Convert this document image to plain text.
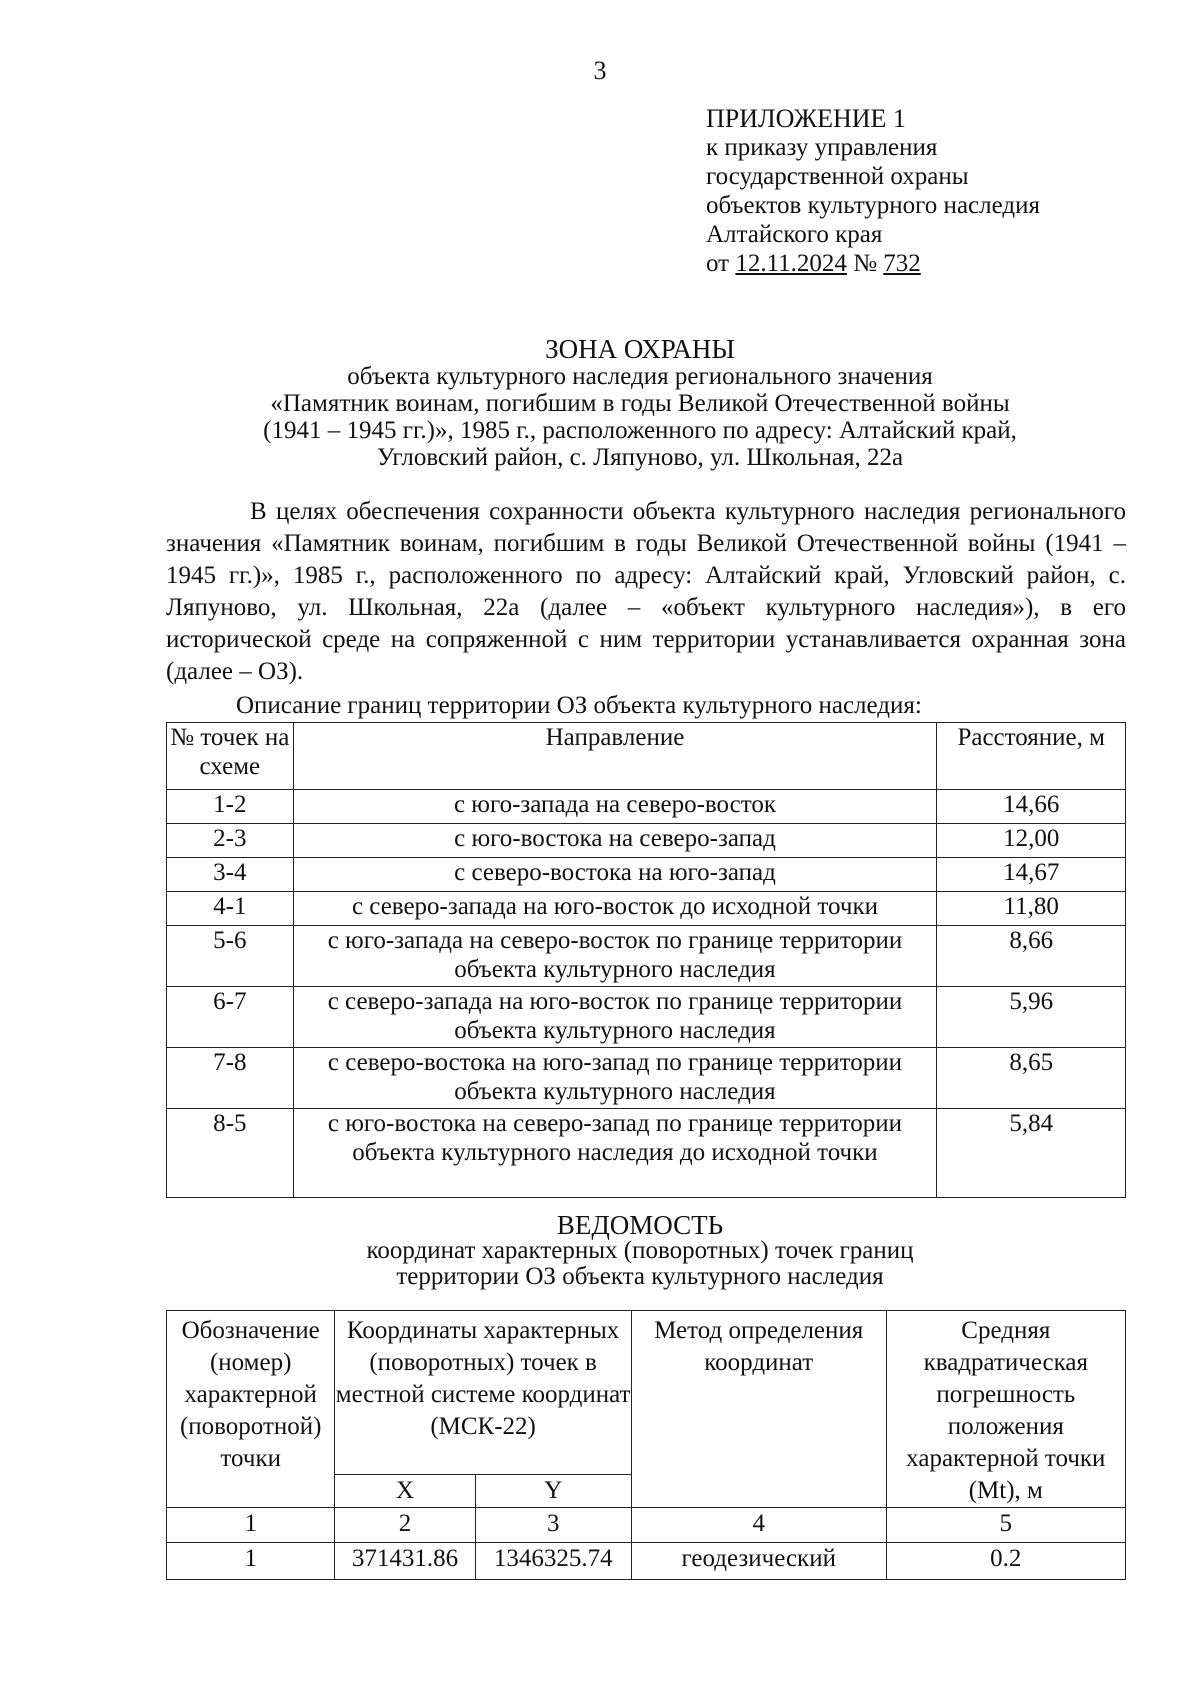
3
ПРИЛОЖЕНИЕ 1
к приказу управления
государственной охраны
объектов культурного наследия
Алтайского края
от 12.11.2024 № 732
ЗОНА ОХРАНЫ
объекта культурного наследия регионального значения
«Памятник воинам, погибшим в годы Великой Отечественной войны
(1941 – 1945 гг.)», 1985 г., расположенного по адресу: Алтайский край,
Угловский район, с. Ляпуново, ул. Школьная, 22а
В целях обеспечения сохранности объекта культурного наследия регионального значения «Памятник воинам, погибшим в годы Великой Отечественной войны (1941 – 1945 гг.)», 1985 г., расположенного по адресу: Алтайский край, Угловский район, с. Ляпуново, ул. Школьная, 22а (далее – «объект культурного наследия»), в его исторической среде на сопряженной с ним территории устанавливается охранная зона (далее – ОЗ).
Описание границ территории ОЗ объекта культурного наследия:
№ точек на схеме	Направление	Расстояние, м
1-2	с юго-запада на северо-восток	14,66
2-3	с юго-востока на северо-запад	12,00
3-4	с северо-востока на юго-запад	14,67
4-1	с северо-запада на юго-восток до исходной точки	11,80
5-6	с юго-запада на северо-восток по границе территории объекта культурного наследия	8,66
6-7	с северо-запада на юго-восток по границе территории объекта культурного наследия	5,96
7-8	с северо-востока на юго-запад по границе территории объекта культурного наследия	8,65
8-5	с юго-востока на северо-запад по границе территории объекта культурного наследия до исходной точки	5,84
ВЕДОМОСТЬ
координат характерных (поворотных) точек границ
территории ОЗ объекта культурного наследия
Обозначение (номер) характерной (поворотной) точки	Координаты характерных (поворотных) точек в местной системе координат (МСК-22)		Метод определения координат	Средняя квадратическая погрешность положения характерной точки (Mt), м
	X	Y		
1	2	3	4	5
1	371431.86	1346325.74	геодезический	0.2
